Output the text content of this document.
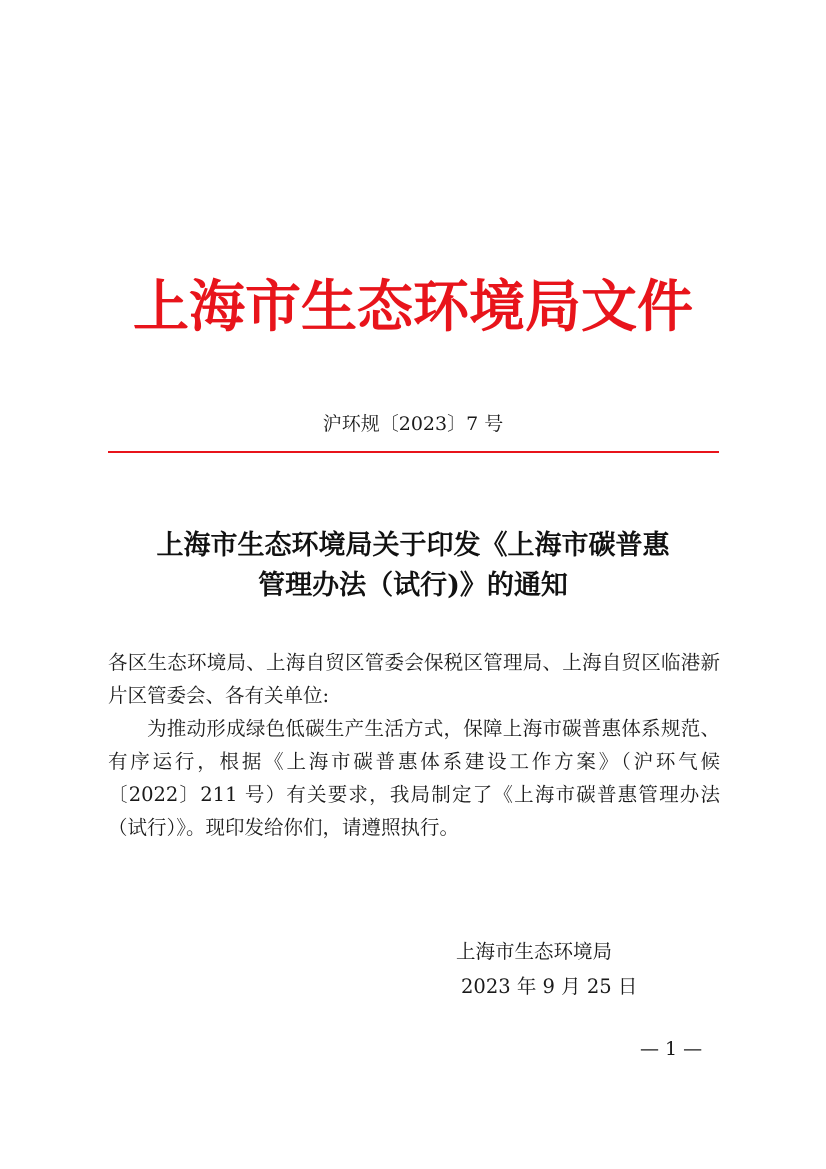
上海市生态环境局文件
沪环规〔2023〕7 号
上海市生态环境局关于印发《上海市碳普惠
管理办法（试行)》的通知

各区生态环境局、上海自贸区管委会保税区管理局、上海自贸区临港新片区管委会、各有关单位:

为推动形成绿色低碳生产生活方式，保障上海市碳普惠体系规范、有序运行，根据《上海市碳普惠体系建设工作方案》（沪环气候〔2022〕211 号）有关要求，我局制定了《上海市碳普惠管理办法（试行）》。现印发给你们，请遵照执行。

上海市生态环境局
2023 年 9 月 25 日
— 1 —
